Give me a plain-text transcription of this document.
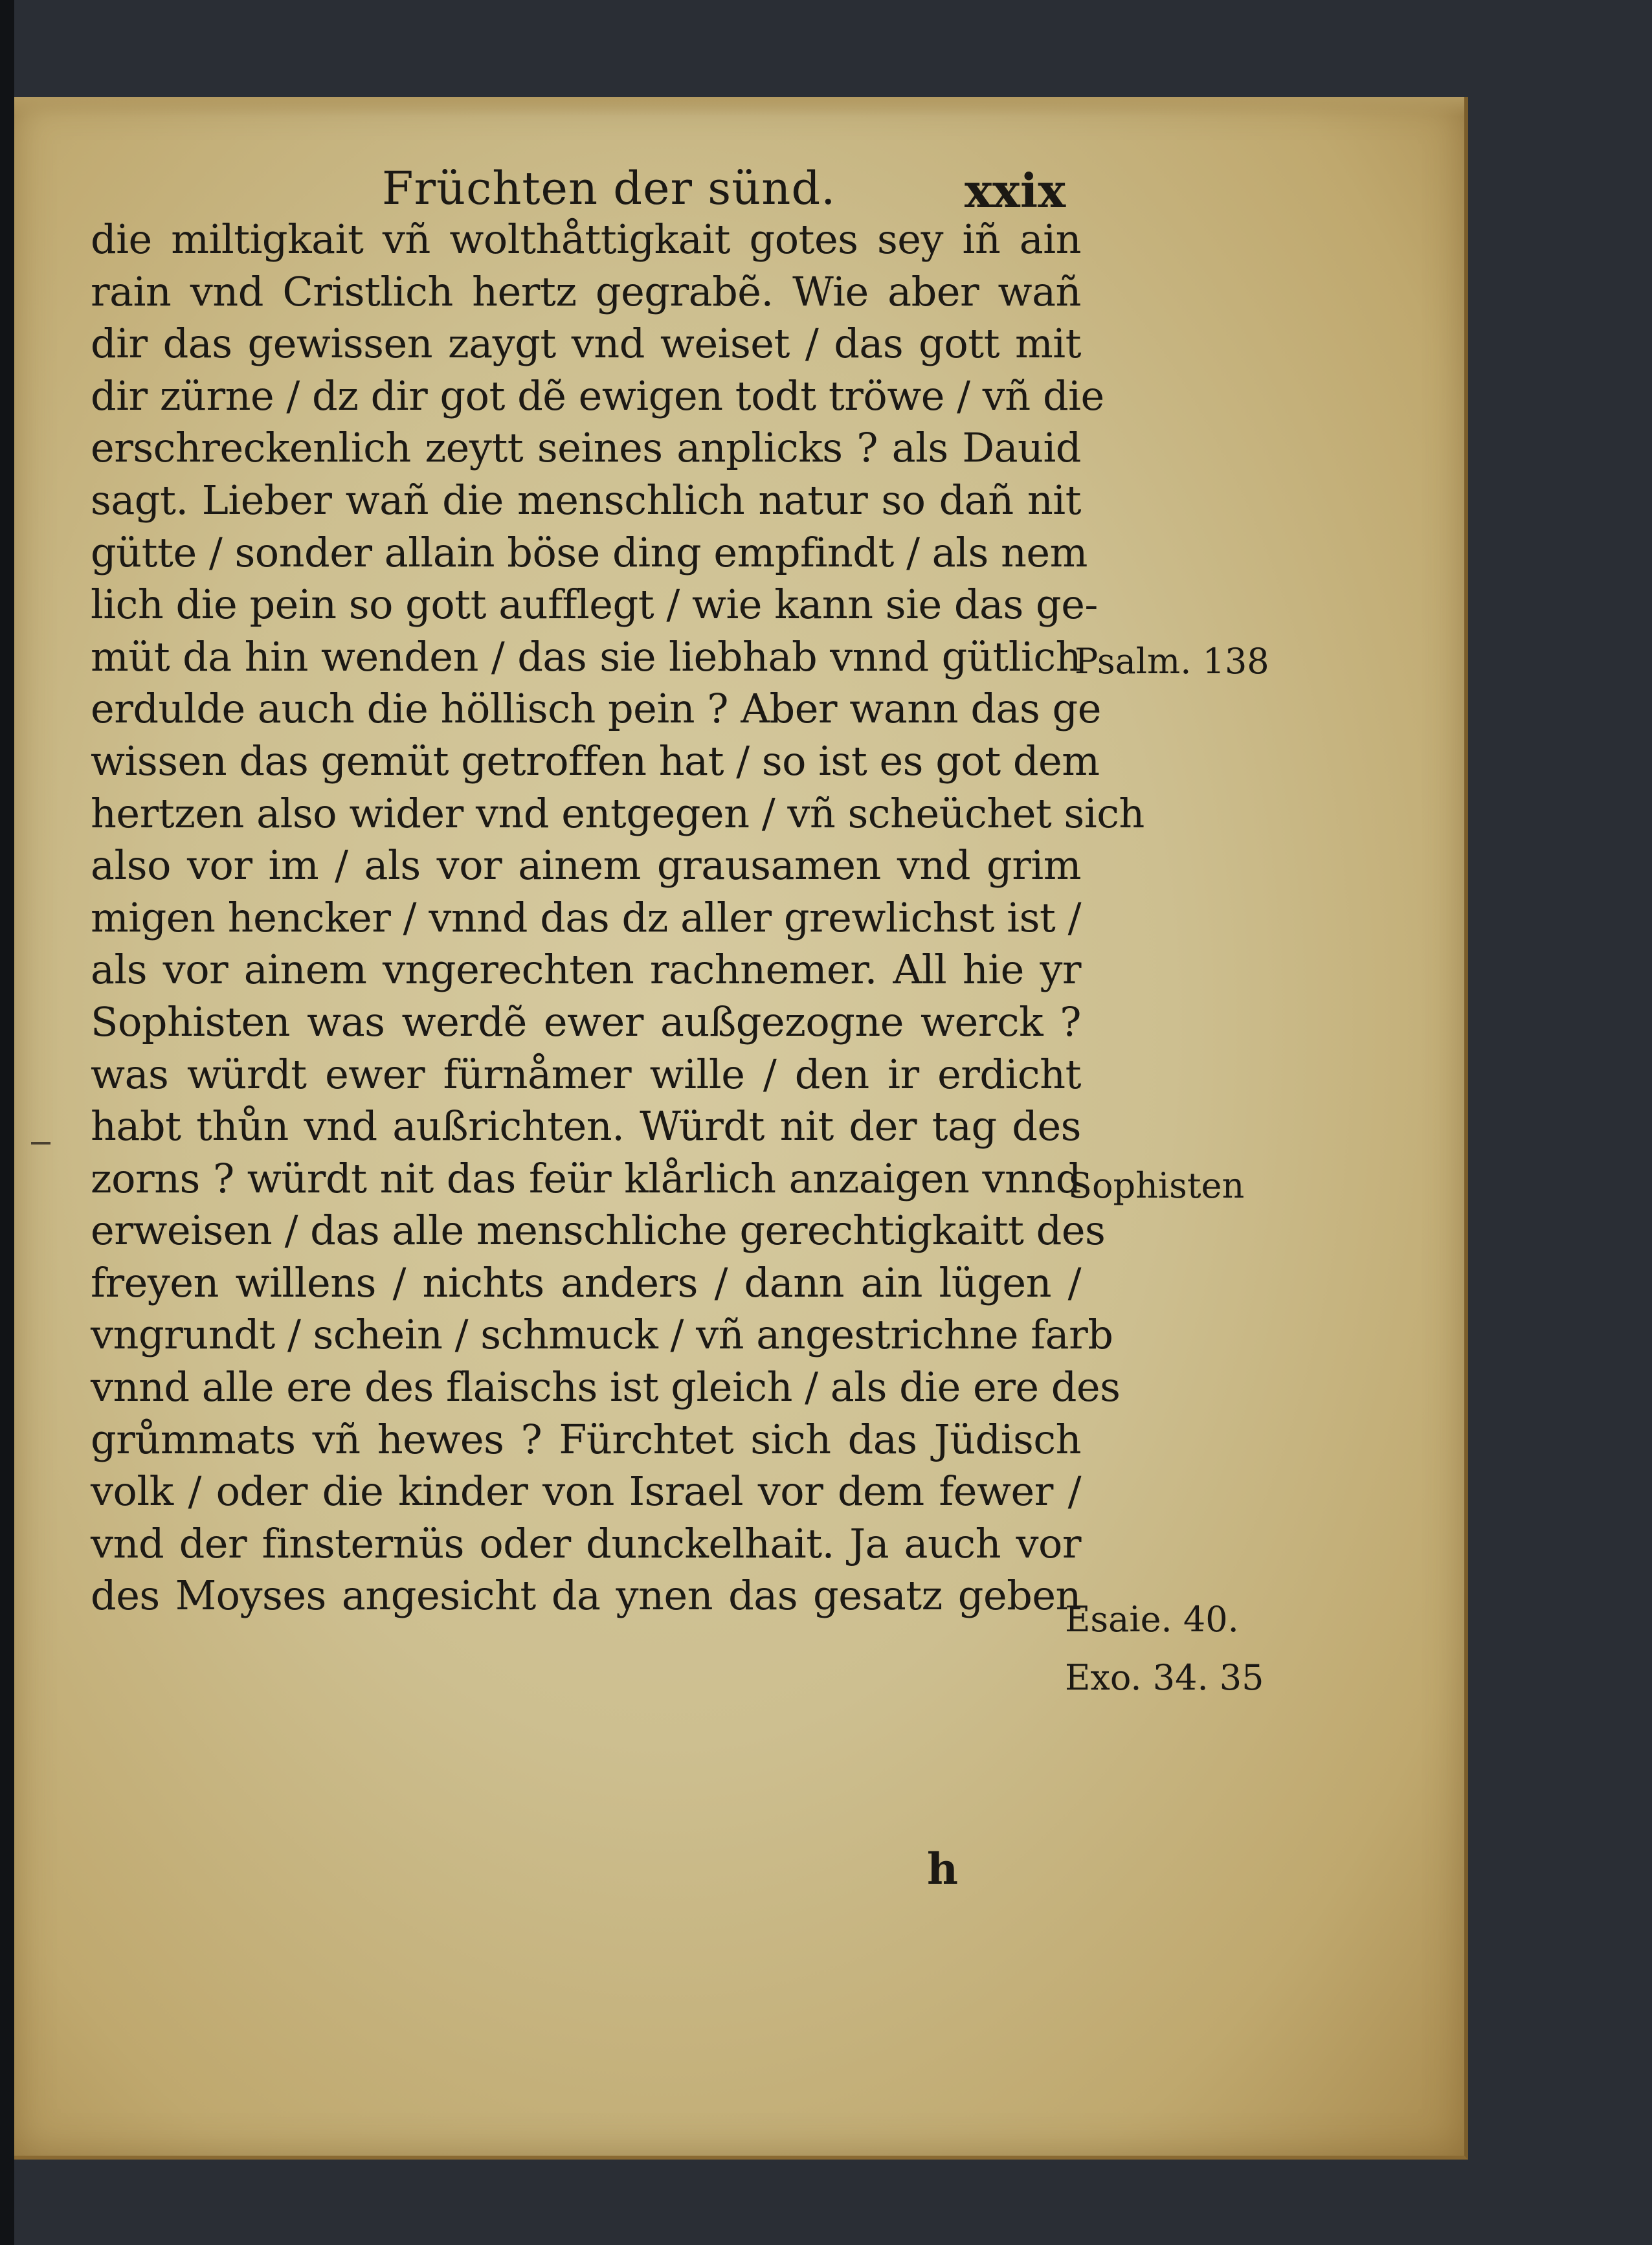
Früchten der sünd.	xxix
die miltigkait vñ wolthåttigkait gotes sey iñ ain
rain vnd Cristlich hertz gegrabẽ. Wie aber wañ
dir das gewissen zaygt vnd weiset / das gott mit
dir zürne / dz dir got dẽ ewigen todt tröwe / vñ die
erschreckenlich zeytt seines anplicks ? als Dauid
sagt. Lieber wañ die menschlich natur so dañ nit
gütte / sonder allain böse ding empfindt / als nem
lich die pein so gott aufflegt / wie kann sie das ge-
müt da hin wenden / das sie liebhab vnnd gütlich
erdulde auch die höllisch pein ? Aber wann das ge
wissen das gemüt getroffen hat / so ist es got dem
hertzen also wider vnd entgegen / vñ scheüchet sich
also vor im / als vor ainem grausamen vnd grim
migen hencker / vnnd das dz aller grewlichst ist /
als vor ainem vngerechten rachnemer. All hie yr
Sophisten was werdẽ ewer außgezogne werck ?
was würdt ewer fürnåmer wille / den ir erdicht
habt thůn vnd außrichten. Würdt nit der tag des
zorns ? würdt nit das feür klårlich anzaigen vnnd
erweisen / das alle menschliche gerechtigkaitt des
freyen willens / nichts anders / dann ain lügen /
vngrundt / schein / schmuck / vñ angestrichne farb
vnnd alle ere des flaischs ist gleich / als die ere des
grůmmats vñ hewes ? Fürchtet sich das Jüdisch
volk / oder die kinder von Israel vor dem fewer /
vnd der finsternüs oder dunckelhait. Ja auch vor
des Moyses angesicht da ynen das gesatz geben
Psalm. 138
Sophisten
Esaie. 40.
Exo. 34. 35
h
